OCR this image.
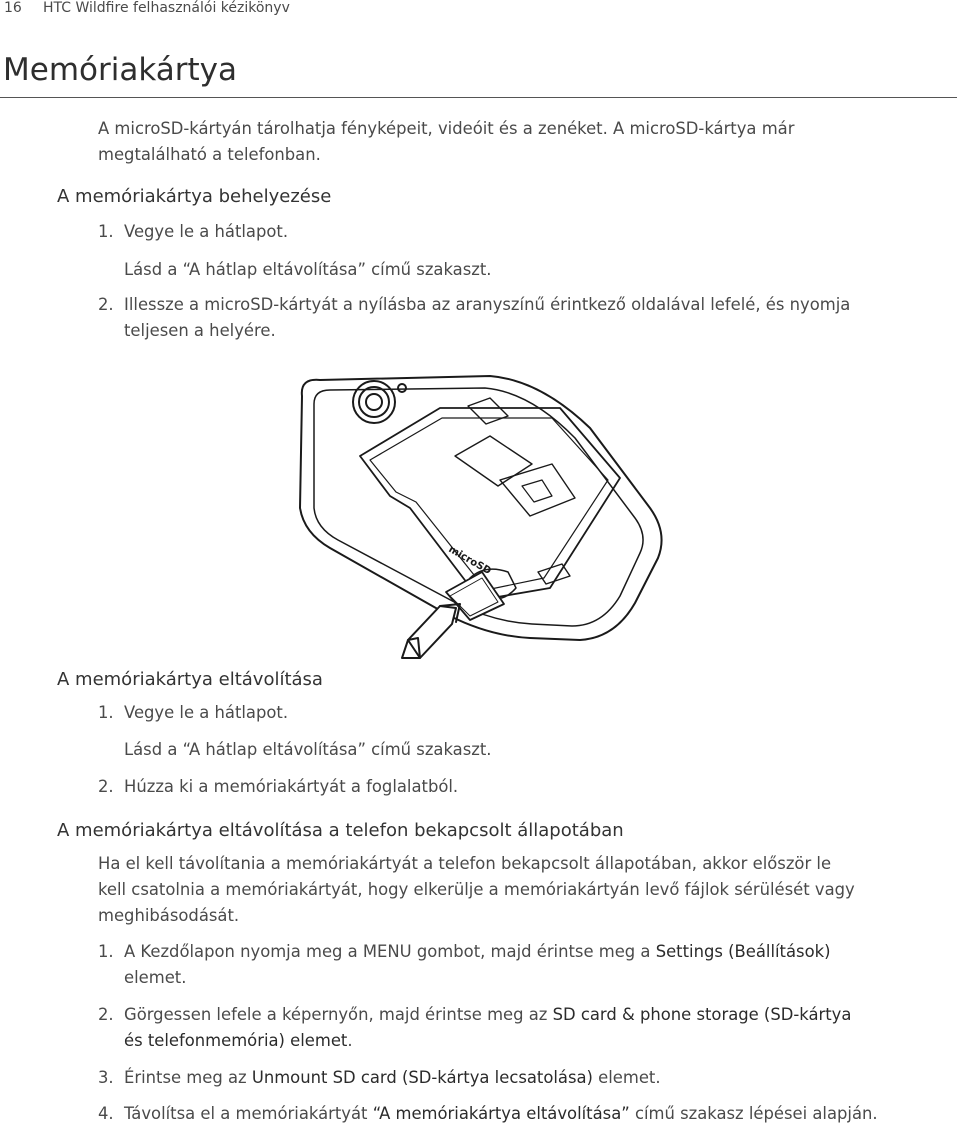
16 HTC Wildfire felhasználói kézikönyv
Memóriakártya
A microSD-kártyán tárolhatja fényképeit, videóit és a zenéket. A microSD-kártya már
megtalálható a telefonban.
A memóriakártya behelyezése
1. Vegye le a hátlapot.
Lásd a “A hátlap eltávolítása” című szakaszt.
2. Illessze a microSD-kártyát a nyílásba az aranyszínű érintkező oldalával lefelé, és nyomja
teljesen a helyére.
microSD
A memóriakártya eltávolítása
1. Vegye le a hátlapot.
Lásd a “A hátlap eltávolítása” című szakaszt.
2. Húzza ki a memóriakártyát a foglalatból.
A memóriakártya eltávolítása a telefon bekapcsolt állapotában
Ha el kell távolítania a memóriakártyát a telefon bekapcsolt állapotában, akkor először le
kell csatolnia a memóriakártyát, hogy elkerülje a memóriakártyán levő fájlok sérülését vagy
meghibásodását.
1. A Kezdőlapon nyomja meg a MENU gombot, majd érintse meg a Settings (Beállítások)
elemet.
2. Görgessen lefele a képernyőn, majd érintse meg az SD card & phone storage (SD-kártya
és telefonmemória) elemet.
3. Érintse meg az Unmount SD card (SD-kártya lecsatolása) elemet.
4. Távolítsa el a memóriakártyát “A memóriakártya eltávolítása” című szakasz lépései alapján.
